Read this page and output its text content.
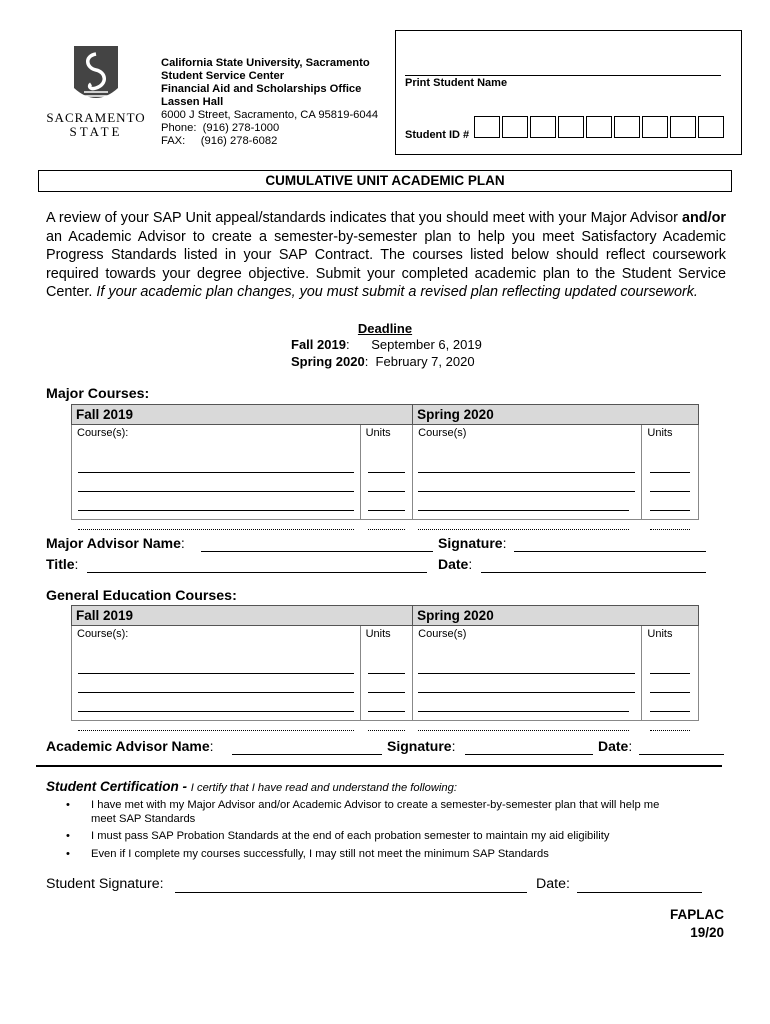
SACRAMENTO
STATE
California State University, Sacramento
Student Service Center
Financial Aid and Scholarships Office
Lassen Hall
6000 J Street, Sacramento, CA 95819-6044
Phone:  (916) 278-1000
FAX:     (916) 278-6082
Print Student Name
Student ID #
CUMULATIVE UNIT ACADEMIC PLAN
A review of your SAP Unit appeal/standards indicates that you should meet with your Major Advisor and/or an Academic Advisor to create a semester-by-semester plan to help you meet Satisfactory Academic Progress Standards listed in your SAP Contract. The courses listed below should reflect coursework required towards your degree objective. Submit your completed academic plan to the Student Service Center. If your academic plan changes, you must submit a revised plan reflecting updated coursework.
Deadline
Fall 2019:      September 6, 2019
Spring 2020:  February 7, 2020
Major Courses:
Fall 2019		Spring 2020	

Course(s):	Units	Course(s)	Units
Major Advisor Name:	Signature:
Title:	Date:
General Education Courses:
Fall 2019		Spring 2020	

Course(s):	Units	Course(s)	Units
Academic Advisor Name:	Signature:	Date:
Student Certification - I certify that I have read and understand the following:
• I have met with my Major Advisor and/or Academic Advisor to create a semester-by-semester plan that will help me
meet SAP Standards
• I must pass SAP Probation Standards at the end of each probation semester to maintain my aid eligibility
• Even if I complete my courses successfully, I may still not meet the minimum SAP Standards
Student Signature:	Date:
FAPLAC
19/20
